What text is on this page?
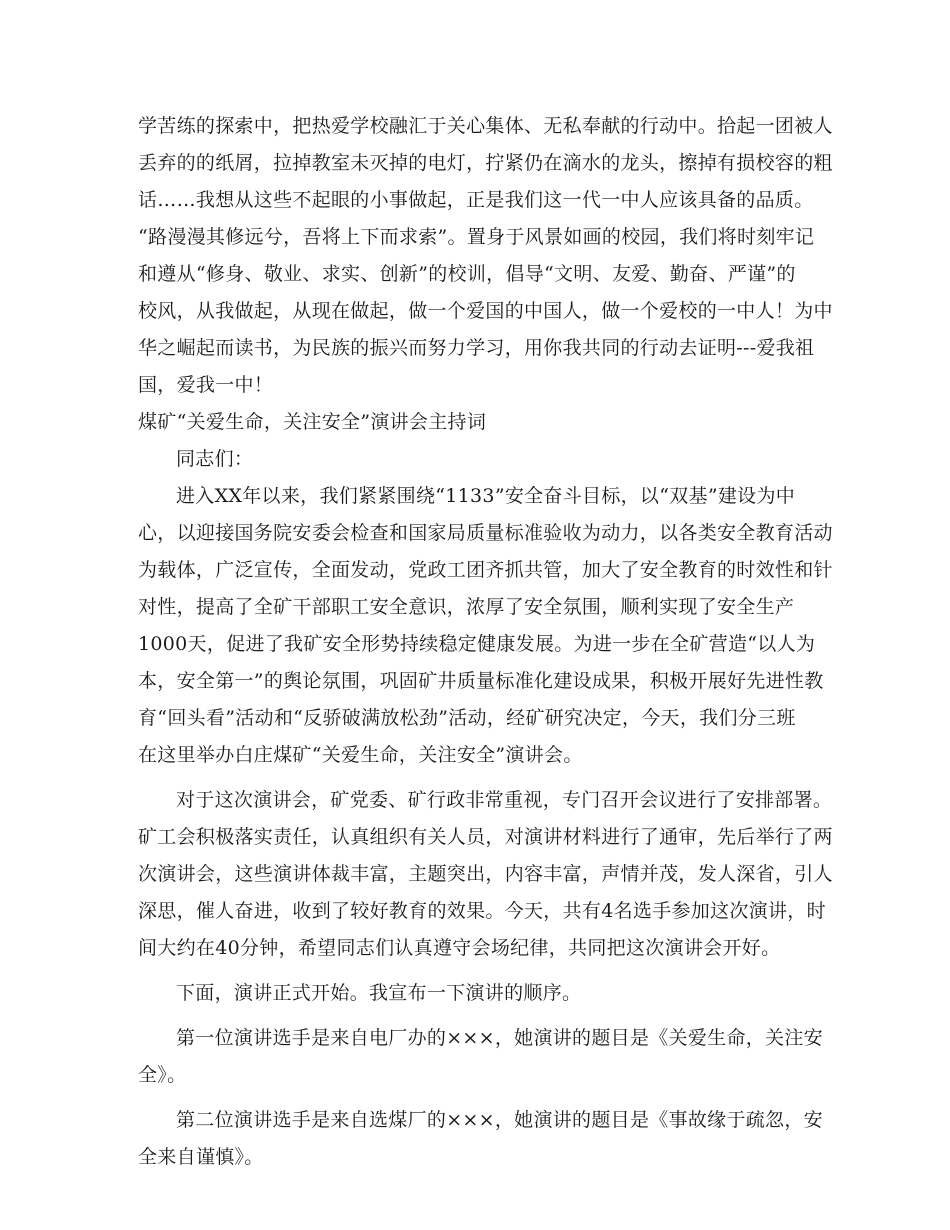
学苦练的探索中，把热爱学校融汇于关心集体、无私奉献的行动中。拾起一团被人
丢弃的的纸屑，拉掉教室未灭掉的电灯，拧紧仍在滴水的龙头，擦掉有损校容的粗
话……我想从这些不起眼的小事做起，正是我们这一代一中人应该具备的品质。
“路漫漫其修远兮，吾将上下而求索”。置身于风景如画的校园，我们将时刻牢记
和遵从“修身、敬业、求实、创新”的校训，倡导“文明、友爱、勤奋、严谨”的
校风，从我做起，从现在做起，做一个爱国的中国人，做一个爱校的一中人！为中
华之崛起而读书，为民族的振兴而努力学习，用你我共同的行动去证明---爱我祖
国，爱我一中！
煤矿“关爱生命，关注安全”演讲会主持词
同志们：
进入XX年以来，我们紧紧围绕“1133”安全奋斗目标，以“双基”建设为中
心，以迎接国务院安委会检查和国家局质量标准验收为动力，以各类安全教育活动
为载体，广泛宣传，全面发动，党政工团齐抓共管，加大了安全教育的时效性和针
对性，提高了全矿干部职工安全意识，浓厚了安全氛围，顺利实现了安全生产
1000天，促进了我矿安全形势持续稳定健康发展。为进一步在全矿营造“以人为
本，安全第一”的舆论氛围，巩固矿井质量标准化建设成果，积极开展好先进性教
育“回头看”活动和“反骄破满放松劲”活动，经矿研究决定，今天，我们分三班
在这里举办白庄煤矿“关爱生命，关注安全”演讲会。
对于这次演讲会，矿党委、矿行政非常重视，专门召开会议进行了安排部署。
矿工会积极落实责任，认真组织有关人员，对演讲材料进行了通审，先后举行了两
次演讲会，这些演讲体裁丰富，主题突出，内容丰富，声情并茂，发人深省，引人
深思，催人奋进，收到了较好教育的效果。今天，共有4名选手参加这次演讲，时
间大约在40分钟，希望同志们认真遵守会场纪律，共同把这次演讲会开好。
下面，演讲正式开始。我宣布一下演讲的顺序。
第一位演讲选手是来自电厂办的×××，她演讲的题目是《关爱生命，关注安
全》。
第二位演讲选手是来自选煤厂的×××，她演讲的题目是《事故缘于疏忽，安
全来自谨慎》。
